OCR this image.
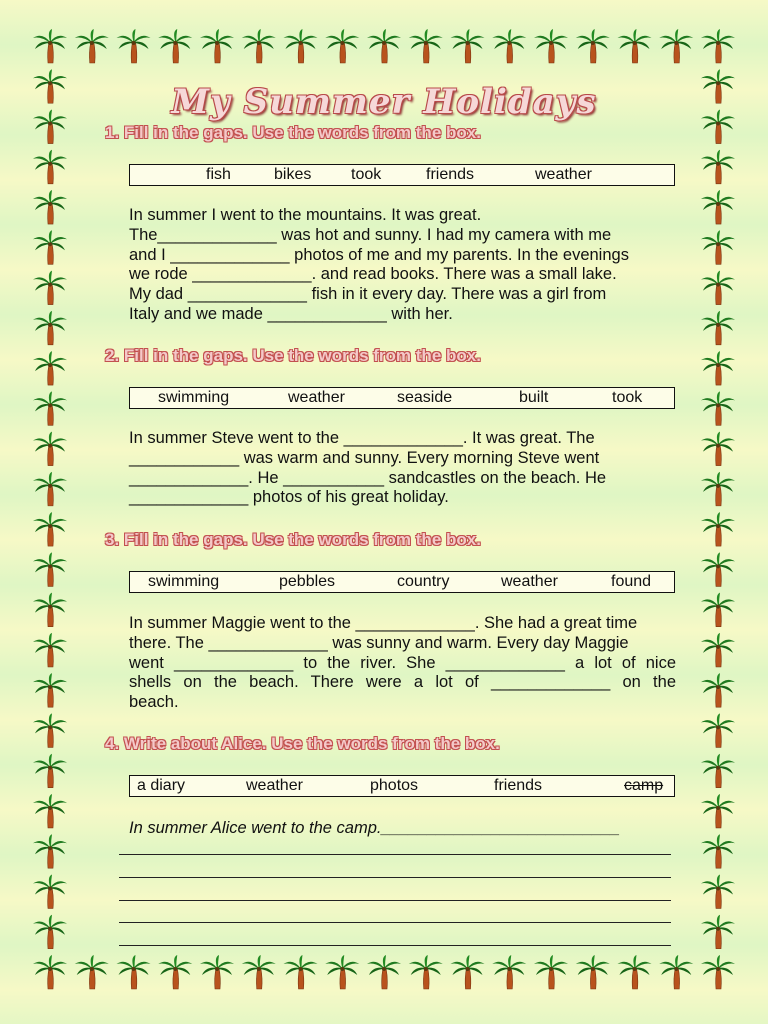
My Summer Holidays
1. Fill in the gaps. Use the words from the box.
fish	bikes took	friends	weather
In summer I went to the mountains. It was great.
The_____________ was hot and sunny. I had my camera with me
and I _____________ photos of me and my parents. In the evenings
we rode _____________. and read books. There was a small lake.
My dad _____________ fish in it every day. There was a girl from
Italy and we made _____________ with her.
2. Fill in the gaps. Use the words from the box.
swimming	weather	seaside	built	took
In summer Steve went to the _____________. It was great. The
____________ was warm and sunny. Every morning Steve went
_____________. He ___________ sandcastles on the beach. He
_____________ photos of his great holiday.
3. Fill in the gaps. Use the words from the box.
swimming	pebbles	country	weather	found
In summer Maggie went to the _____________. She had a great time
there. The _____________ was sunny and warm. Every day Maggie
went _____________ to the river. She _____________ a lot of nice
shells on the beach. There were a lot of _____________ on the
beach.
4. Write about Alice. Use the words from the box.
a diary	weather	photos	friends	camp
In summer Alice went to the camp.__________________________
